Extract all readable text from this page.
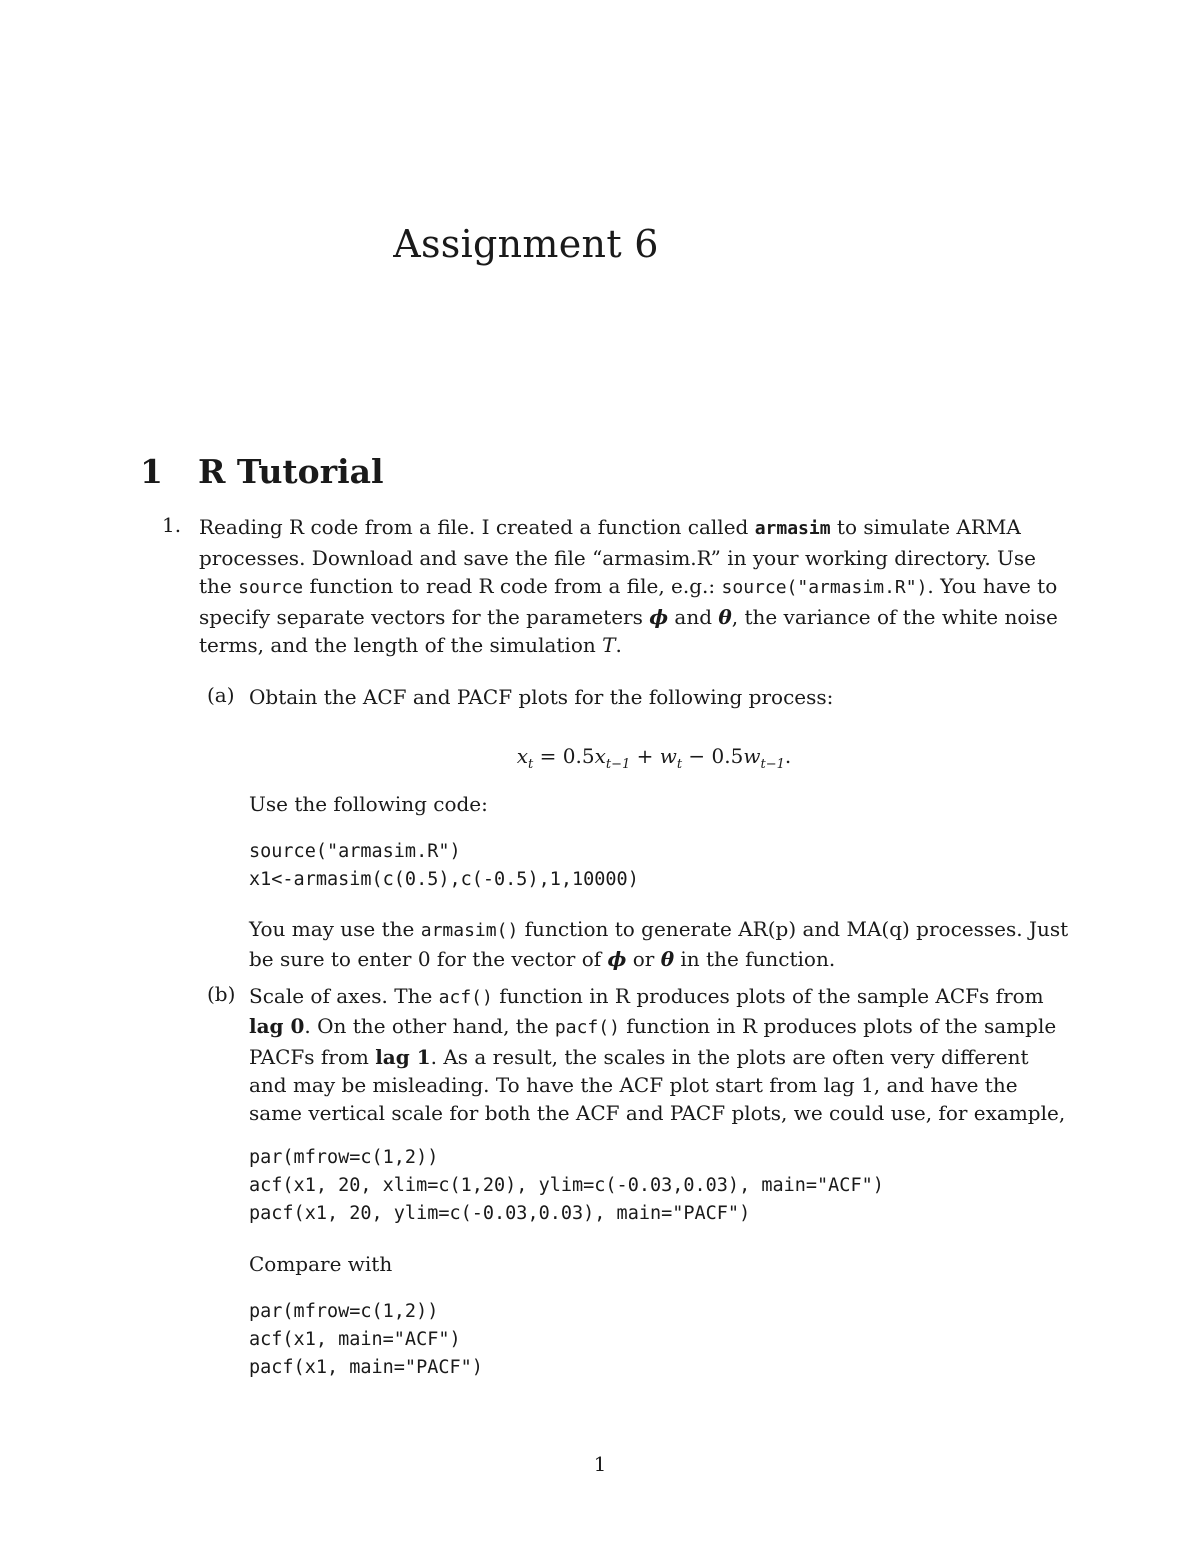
Assignment 6
1 R Tutorial
1. Reading R code from a file. I created a function called armasim to simulate ARMA processes. Download and save the file “armasim.R” in your working directory. Use the source function to read R code from a file, e.g.: source("armasim.R"). You have to specify separate vectors for the parameters ϕ and θ, the variance of the white noise terms, and the length of the simulation T.
(a) Obtain the ACF and PACF plots for the following process:
$x_t = 0.5x_{t-1} + w_t - 0.5w_{t-1}$.
Use the following code:
source("armasim.R")
x1<-armasim(c(0.5),c(-0.5),1,10000)
You may use the armasim() function to generate AR(p) and MA(q) processes. Just be sure to enter 0 for the vector of ϕ or θ in the function.
(b) Scale of axes. The acf() function in R produces plots of the sample ACFs from lag 0. On the other hand, the pacf() function in R produces plots of the sample PACFs from lag 1. As a result, the scales in the plots are often very different and may be misleading. To have the ACF plot start from lag 1, and have the same vertical scale for both the ACF and PACF plots, we could use, for example,
par(mfrow=c(1,2))
acf(x1, 20, xlim=c(1,20), ylim=c(-0.03,0.03), main="ACF")
pacf(x1, 20, ylim=c(-0.03,0.03), main="PACF")
Compare with
par(mfrow=c(1,2))
acf(x1, main="ACF")
pacf(x1, main="PACF")
1
